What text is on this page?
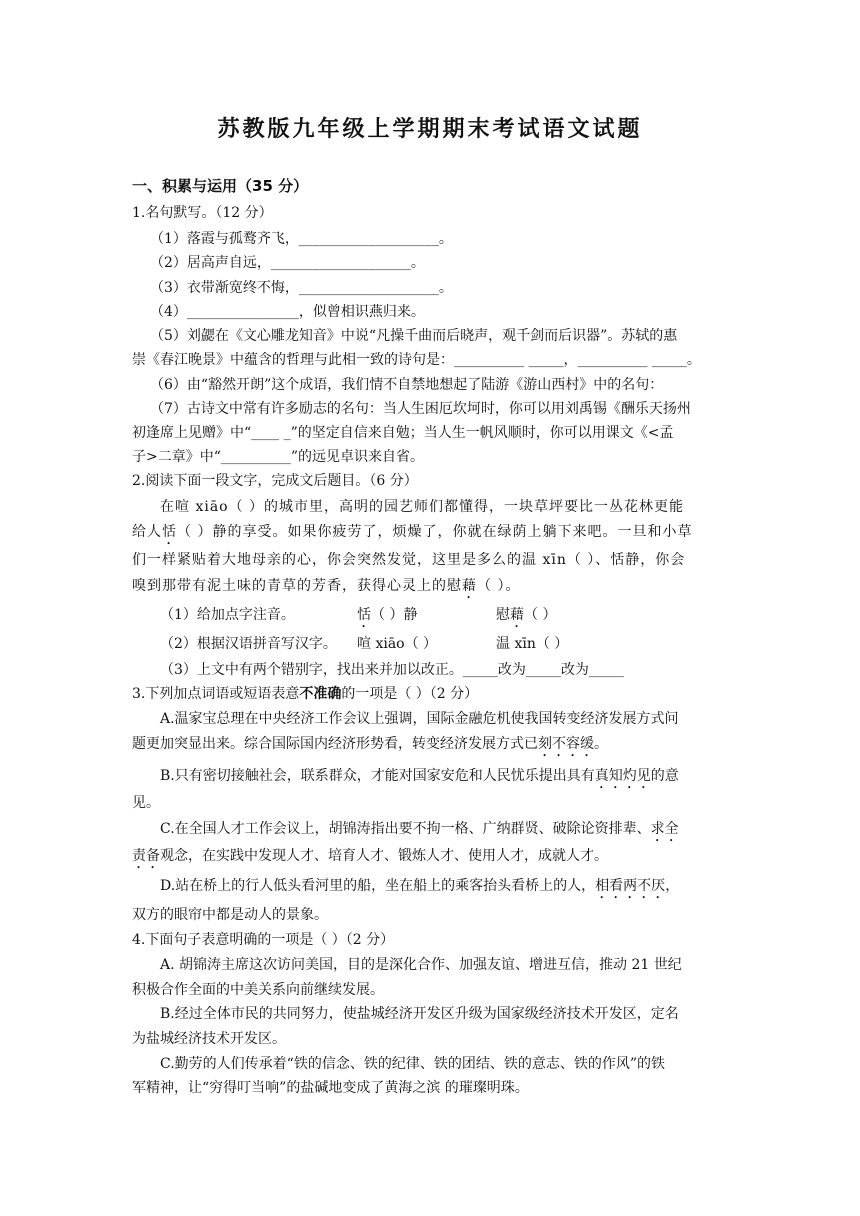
苏教版九年级上学期期末考试语文试题
一、积累与运用（35 分）
1.名句默写。（12 分）
（1）落霞与孤鹜齐飞，____________________。
（2）居高声自远，____________________。
（3）衣带渐宽终不悔，____________________。
（4）________________，似曾相识燕归来。
（5）刘勰在《文心雕龙知音》中说“凡操千曲而后晓声，观千剑而后识器”。苏轼的惠
崇《春江晚景》中蕴含的哲理与此相一致的诗句是：__________ _____，__________ _____。
（6）由“豁然开朗”这个成语，我们情不自禁地想起了陆游《游山西村》中的名句：
（7）古诗文中常有许多励志的名句：当人生困厄坎坷时，你可以用刘禹锡《酬乐天扬州
初逢席上见赠》中“____ _”的坚定自信来自勉；当人生一帆风顺时，你可以用课文《<孟
子>二章》中“__________”的远见卓识来自省。
2.阅读下面一段文字，完成文后题目。（6 分）
在喧 xiāo（ ）的城市里，高明的园艺师们都懂得，一块草坪要比一丛花林更能
给人恬（ ）静的享受。如果你疲劳了，烦燥了，你就在绿荫上躺下来吧。一旦和小草
们一样紧贴着大地母亲的心，你会突然发觉，这里是多么的温 xīn（ ）、恬静，你会
嗅到那带有泥土味的青草的芳香，获得心灵上的慰藉（ ）。
（1）给加点字注音。	恬（ ）静	慰藉（ ）
（2）根据汉语拼音写汉字。 喧 xiāo（ ）	温 xīn（ ）
（3）上文中有两个错别字，找出来并加以改正。_____改为_____改为_____
3.下列加点词语或短语表意不准确的一项是（ ）（2 分）
A.温家宝总理在中央经济工作会议上强调，国际金融危机使我国转变经济发展方式问
题更加突显出来。综合国际国内经济形势看，转变经济发展方式已刻不容缓。
B.只有密切接触社会，联系群众，才能对国家安危和人民忧乐提出具有真知灼见的意
见。
C.在全国人才工作会议上，胡锦涛指出要不拘一格、广纳群贤、破除论资排辈、求全
责备观念，在实践中发现人才、培育人才、锻炼人才、使用人才，成就人才。
D.站在桥上的行人低头看河里的船，坐在船上的乘客抬头看桥上的人，相看两不厌，
双方的眼帘中都是动人的景象。
4.下面句子表意明确的一项是（ ）（2 分）
A. 胡锦涛主席这次访问美国，目的是深化合作、加强友谊、增进互信，推动 21 世纪
积极合作全面的中美关系向前继续发展。
B.经过全体市民的共同努力，使盐城经济开发区升级为国家级经济技术开发区，定名
为盐城经济技术开发区。
C.勤劳的人们传承着“铁的信念、铁的纪律、铁的团结、铁的意志、铁的作风”的铁
军精神，让“穷得叮当响”的盐碱地变成了黄海之滨 的璀璨明珠。
